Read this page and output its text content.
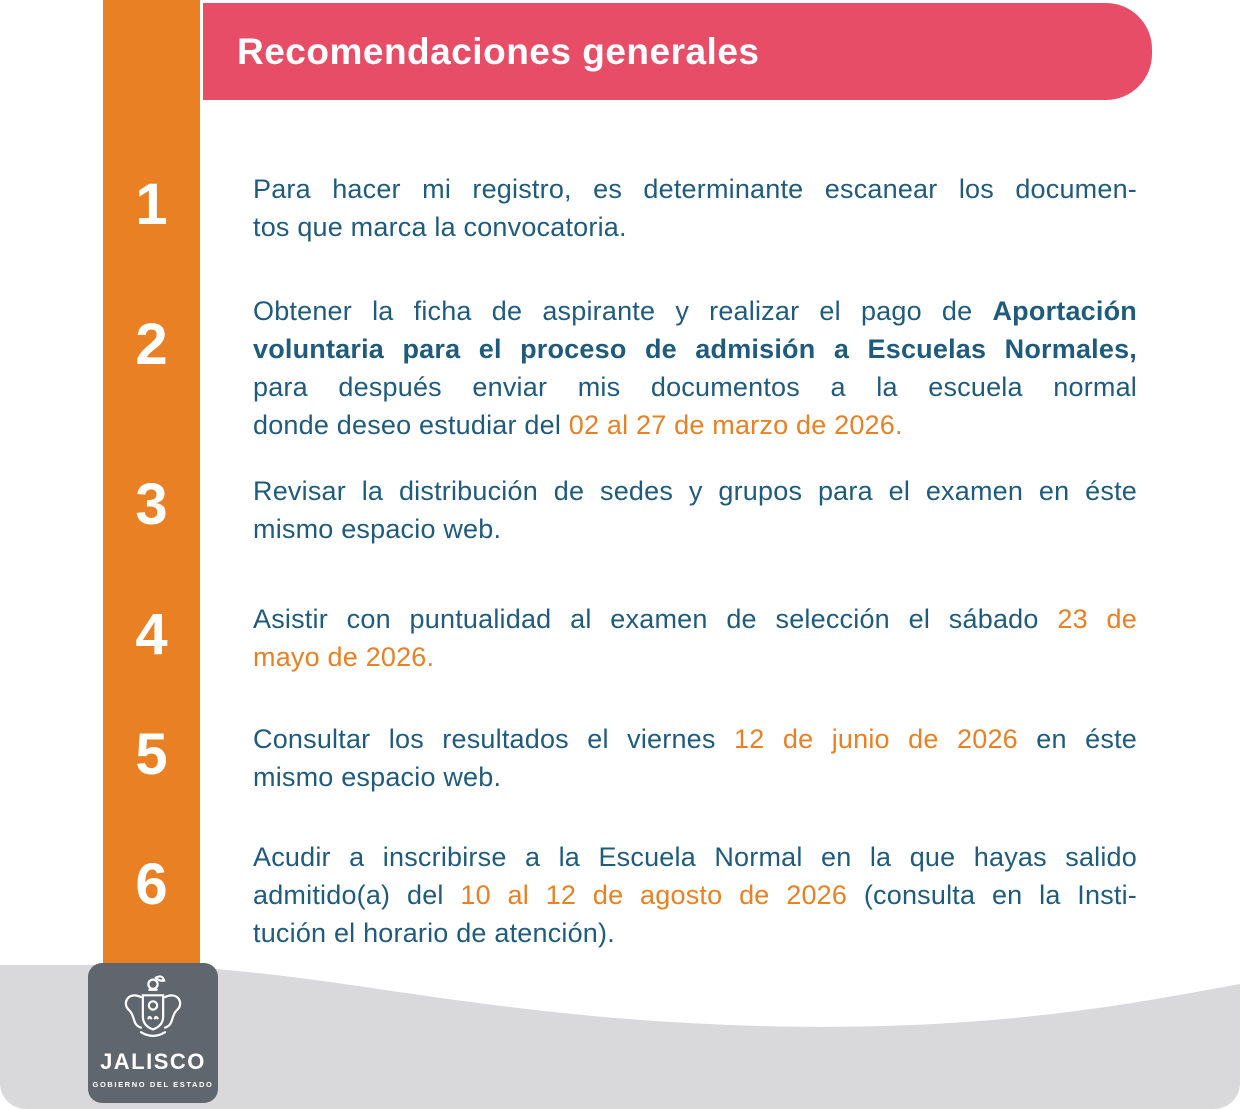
Recomendaciones generales
1
2
3
4
5
6
Para hacer mi registro, es determinante escanear los documen-
tos que marca la convocatoria.
Obtener la ficha de aspirante y realizar el pago de Aportación
voluntaria para el proceso de admisión a Escuelas Normales,
para después enviar mis documentos a la escuela normal
donde deseo estudiar del 02 al 27 de marzo de 2026.
Revisar la distribución de sedes y grupos para el examen en éste
mismo espacio web.
Asistir con puntualidad al examen de selección el sábado 23 de
mayo de 2026.
Consultar los resultados el viernes 12 de junio de 2026 en éste
mismo espacio web.
Acudir a inscribirse a la Escuela Normal en la que hayas salido
admitido(a) del 10 al 12 de agosto de 2026 (consulta en la Insti-
tución el horario de atención).
JALISCO
GOBIERNO DEL ESTADO
